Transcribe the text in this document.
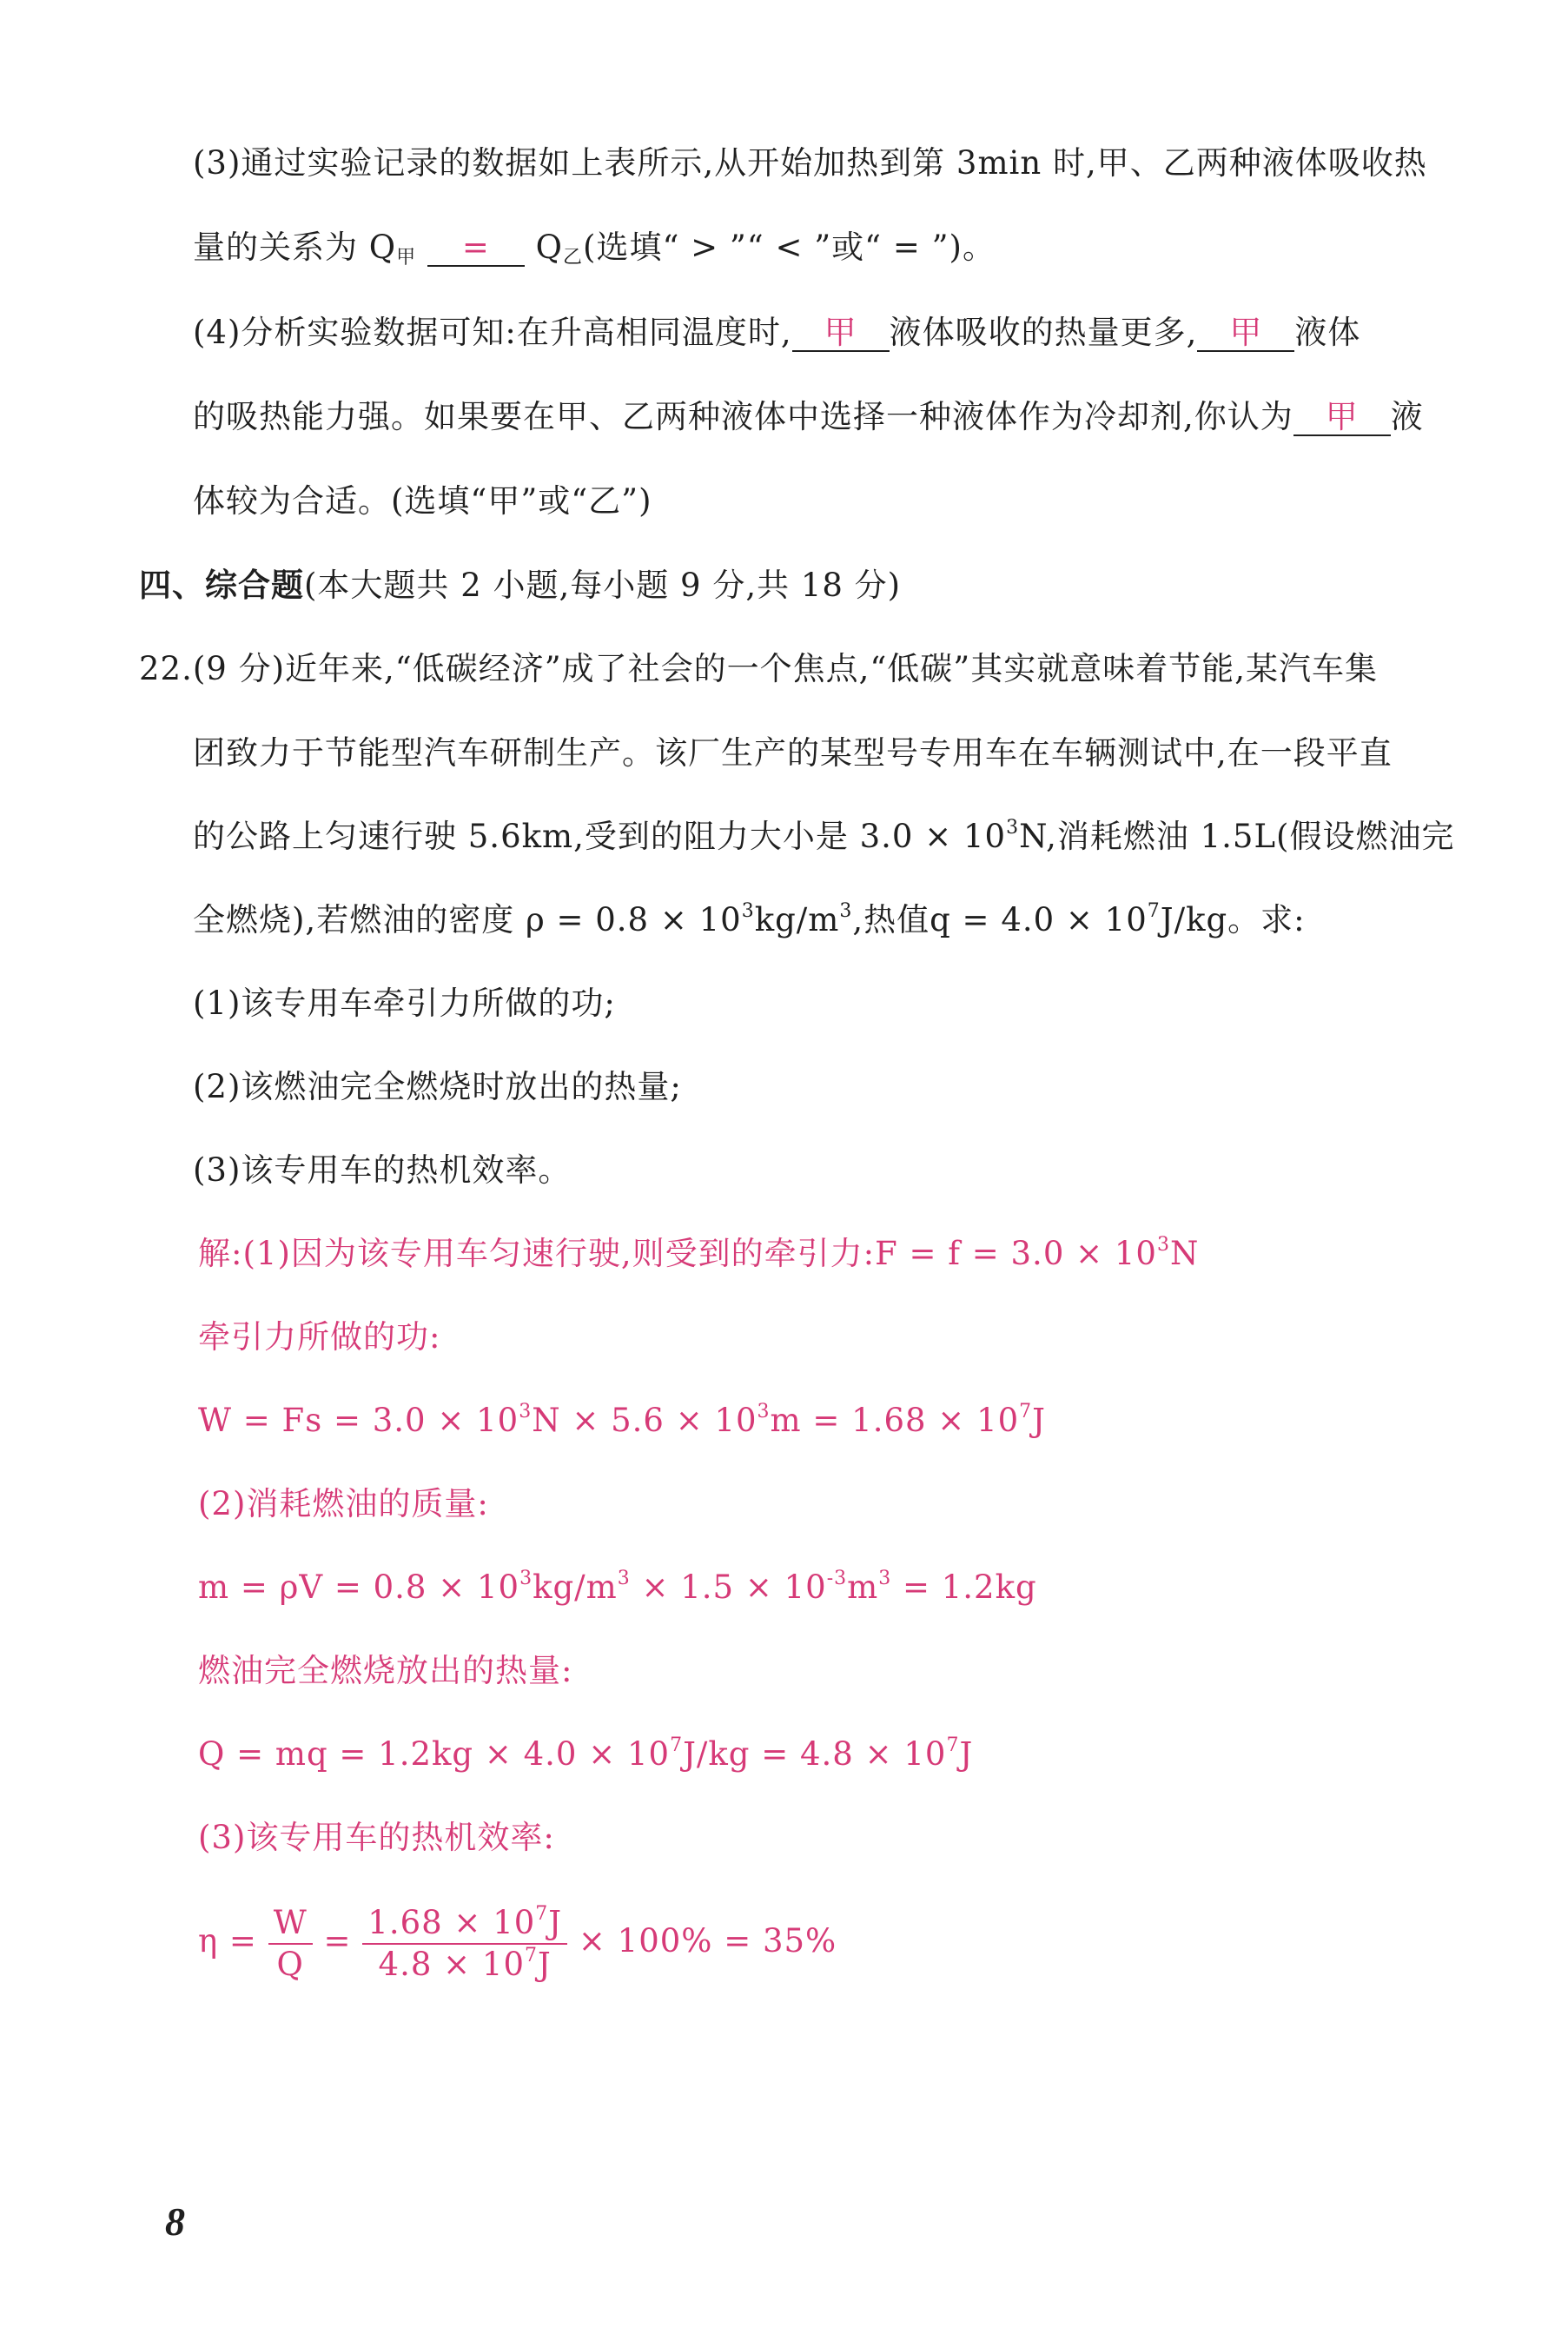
(3)通过实验记录的数据如上表所示,从开始加热到第 3min 时,甲、乙两种液体吸收热
量的关系为 $Q_甲 = Q_乙$(选填“ > ”“ < ”或“ = ”)。
(4)分析实验数据可知:在升高相同温度时, 甲 液体吸收的热量更多, 甲 液体
的吸热能力强。如果要在甲、乙两种液体中选择一种液体作为冷却剂,你认为 甲 液
体较为合适。(选填“甲”或“乙”)
四、综合题(本大题共 2 小题,每小题 9 分,共 18 分)
22.(9 分)近年来,“低碳经济”成了社会的一个焦点,“低碳”其实就意味着节能,某汽车集
团致力于节能型汽车研制生产。该厂生产的某型号专用车在车辆测试中,在一段平直
的公路上匀速行驶 5.6km,受到的阻力大小是 $3.0 \times 10^3N$,消耗燃油 1.5L(假设燃油完
全燃烧),若燃油的密度 $\rho = 0.8 \times 10^3kg/m^3$,热值$q = 4.0 \times 10^7J/kg$。求:
(1)该专用车牵引力所做的功;
(2)该燃油完全燃烧时放出的热量;
(3)该专用车的热机效率。
解:(1)因为该专用车匀速行驶,则受到的牵引力:F = $f = 3.0 \times 10^3N$
牵引力所做的功:
$W = Fs = 3.0 \times 10^3N \times 5.6 \times 10^3m = 1.68 \times 10^7J$
(2)消耗燃油的质量:
$m = \rho V = 0.8 \times 10^3kg/m^3 \times 1.5 \times 10^{-3}m^3 = 1.2kg$
燃油完全燃烧放出的热量:
Q = mq = $1.2kg \times 4.0 \times 10^7J/kg = 4.8 \times 10^7J$
(3)该专用车的热机效率:
$\eta = \frac{W}{Q} = \frac{1.68 \times 10^7J}{4.8 \times 10^7J} \times 100\% = 35\%$
8
